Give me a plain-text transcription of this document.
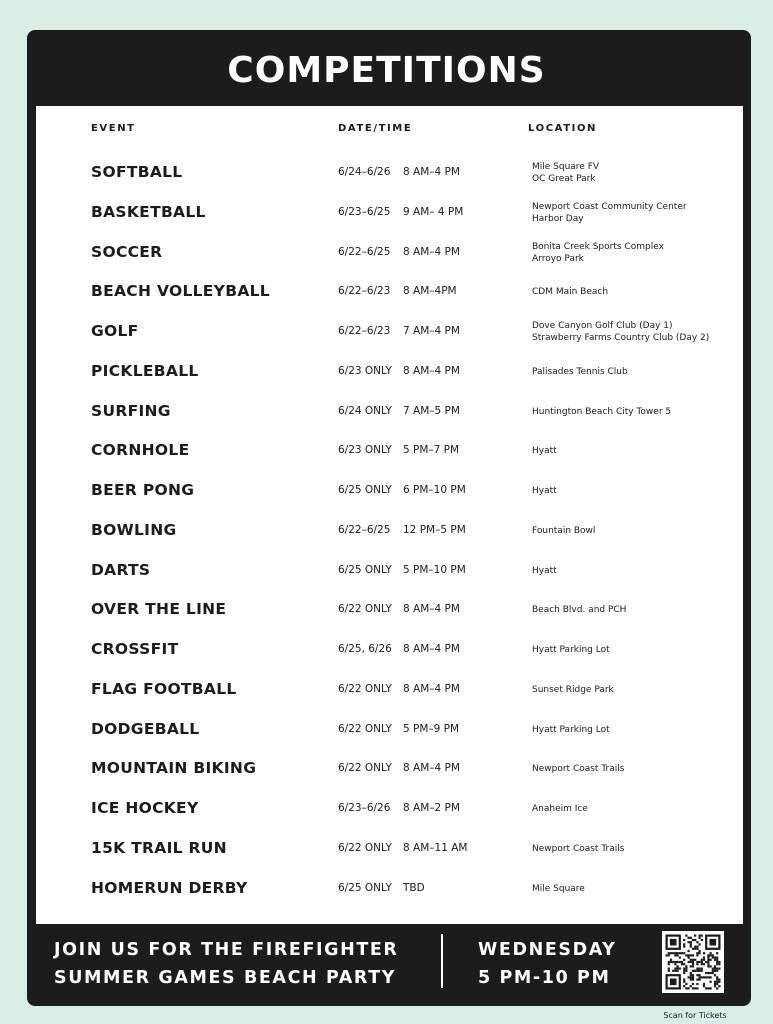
COMPETITIONS
EVENT	DATE/TIME	LOCATION
SOFTBALL	6/24–6/26 8 AM–4 PM	Mile Square FV
OC Great Park
BASKETBALL	6/23–6/25 9 AM– 4 PM	Newport Coast Community Center
Harbor Day
SOCCER	6/22–6/25 8 AM–4 PM	Bonita Creek Sports Complex
Arroyo Park
BEACH VOLLEYBALL	6/22–6/23 8 AM–4PM	CDM Main Beach
GOLF	6/22–6/23 7 AM–4 PM	Dove Canyon Golf Club (Day 1)
Strawberry Farms Country Club (Day 2)
PICKLEBALL	6/23 ONLY 8 AM–4 PM	Palisades Tennis Club
SURFING	6/24 ONLY 7 AM–5 PM	Huntington Beach City Tower 5
CORNHOLE	6/23 ONLY 5 PM–7 PM	Hyatt
BEER PONG	6/25 ONLY 6 PM–10 PM	Hyatt
BOWLING	6/22–6/25 12 PM–5 PM	Fountain Bowl
DARTS	6/25 ONLY 5 PM–10 PM	Hyatt
OVER THE LINE	6/22 ONLY 8 AM–4 PM	Beach Blvd. and PCH
CROSSFIT	6/25, 6/26 8 AM–4 PM	Hyatt Parking Lot
FLAG FOOTBALL	6/22 ONLY 8 AM–4 PM	Sunset Ridge Park
DODGEBALL	6/22 ONLY 5 PM–9 PM	Hyatt Parking Lot
MOUNTAIN BIKING	6/22 ONLY 8 AM–4 PM	Newport Coast Trails
ICE HOCKEY	6/23–6/26 8 AM–2 PM	Anaheim Ice
15K TRAIL RUN	6/22 ONLY 8 AM–11 AM	Newport Coast Trails
HOMERUN DERBY	6/25 ONLY TBD	Mile Square
JOIN US FOR THE FIREFIGHTER
SUMMER GAMES BEACH PARTY
WEDNESDAY
5 PM-10 PM
Scan for Tickets
